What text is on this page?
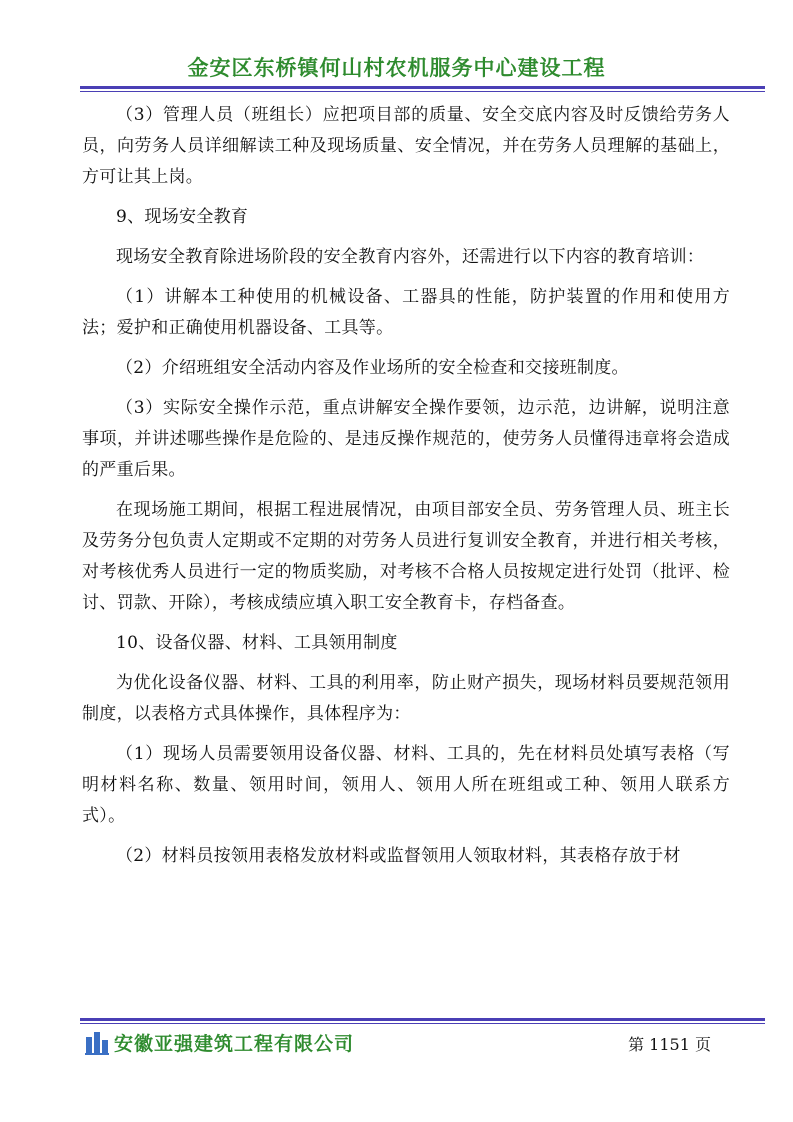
金安区东桥镇何山村农机服务中心建设工程

（3）管理人员（班组长）应把项目部的质量、安全交底内容及时反馈给劳务人员，向劳务人员详细解读工种及现场质量、安全情况，并在劳务人员理解的基础上，方可让其上岗。

9、现场安全教育

现场安全教育除进场阶段的安全教育内容外，还需进行以下内容的教育培训：

（1）讲解本工种使用的机械设备、工器具的性能，防护装置的作用和使用方法；爱护和正确使用机器设备、工具等。

（2）介绍班组安全活动内容及作业场所的安全检查和交接班制度。

（3）实际安全操作示范，重点讲解安全操作要领，边示范，边讲解，说明注意事项，并讲述哪些操作是危险的、是违反操作规范的，使劳务人员懂得违章将会造成的严重后果。

在现场施工期间，根据工程进展情况，由项目部安全员、劳务管理人员、班主长及劳务分包负责人定期或不定期的对劳务人员进行复训安全教育，并进行相关考核，对考核优秀人员进行一定的物质奖励，对考核不合格人员按规定进行处罚（批评、检讨、罚款、开除），考核成绩应填入职工安全教育卡，存档备查。

10、设备仪器、材料、工具领用制度

为优化设备仪器、材料、工具的利用率，防止财产损失，现场材料员要规范领用制度，以表格方式具体操作，具体程序为：

（1）现场人员需要领用设备仪器、材料、工具的，先在材料员处填写表格（写明材料名称、数量、领用时间，领用人、领用人所在班组或工种、领用人联系方式）。

（2）材料员按领用表格发放材料或监督领用人领取材料，其表格存放于材

安徽亚强建筑工程有限公司	第 1151 页
